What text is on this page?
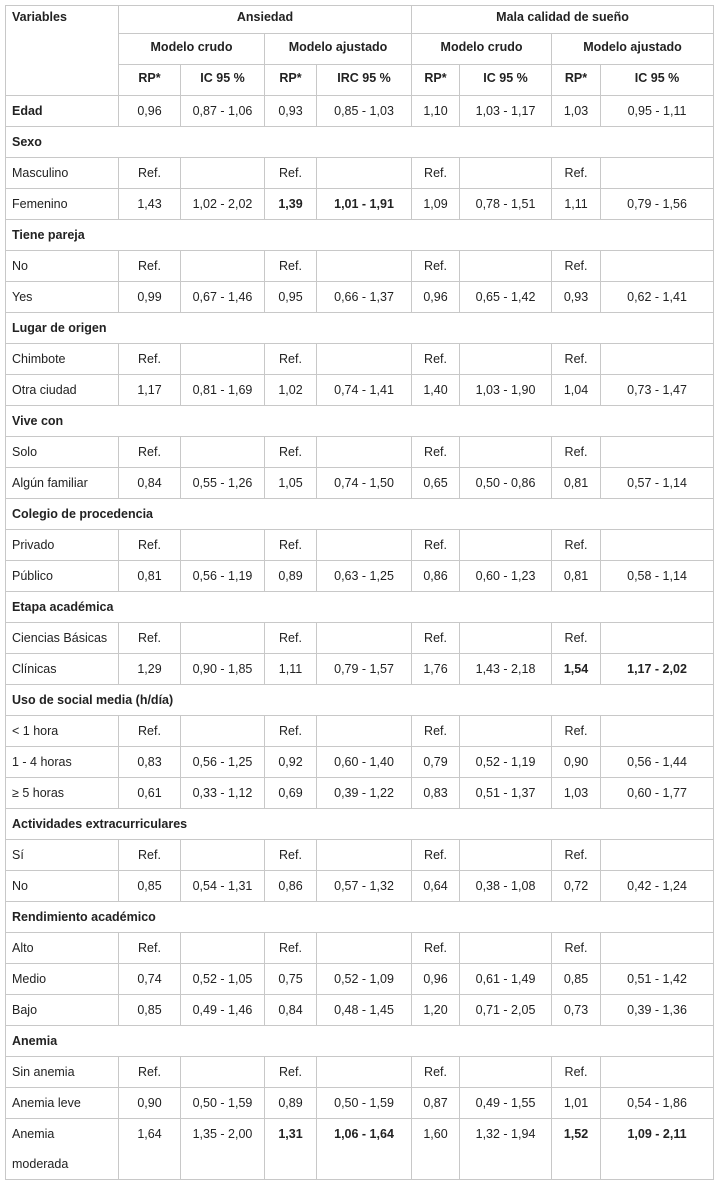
Variables	Ansiedad				Mala calidad de sueño			
	Modelo crudo		Modelo ajustado		Modelo crudo		Modelo ajustado	
	RP*	IC 95 %	RP*	IRC 95 %	RP*	IC 95 %	RP*	IC 95 %
Edad	0,96	0,87 - 1,06	0,93	0,85 - 1,03	1,10	1,03 - 1,17	1,03	0,95 - 1,11
Sexo								
Masculino	Ref.		Ref.		Ref.		Ref.	
Femenino	1,43	1,02 - 2,02	1,39	1,01 - 1,91	1,09	0,78 - 1,51	1,11	0,79 - 1,56
Tiene pareja								
No	Ref.		Ref.		Ref.		Ref.	
Yes	0,99	0,67 - 1,46	0,95	0,66 - 1,37	0,96	0,65 - 1,42	0,93	0,62 - 1,41
Lugar de origen								
Chimbote	Ref.		Ref.		Ref.		Ref.	
Otra ciudad	1,17	0,81 - 1,69	1,02	0,74 - 1,41	1,40	1,03 - 1,90	1,04	0,73 - 1,47
Vive con								
Solo	Ref.		Ref.		Ref.		Ref.	
Algún familiar	0,84	0,55 - 1,26	1,05	0,74 - 1,50	0,65	0,50 - 0,86	0,81	0,57 - 1,14
Colegio de procedencia								
Privado	Ref.		Ref.		Ref.		Ref.	
Público	0,81	0,56 - 1,19	0,89	0,63 - 1,25	0,86	0,60 - 1,23	0,81	0,58 - 1,14
Etapa académica								
Ciencias Básicas	Ref.		Ref.		Ref.		Ref.	
Clínicas	1,29	0,90 - 1,85	1,11	0,79 - 1,57	1,76	1,43 - 2,18	1,54	1,17 - 2,02
Uso de social media (h/día)								
< 1 hora	Ref.		Ref.		Ref.		Ref.	
1 - 4 horas	0,83	0,56 - 1,25	0,92	0,60 - 1,40	0,79	0,52 - 1,19	0,90	0,56 - 1,44
≥ 5 horas	0,61	0,33 - 1,12	0,69	0,39 - 1,22	0,83	0,51 - 1,37	1,03	0,60 - 1,77
Actividades extracurriculares								
Sí	Ref.		Ref.		Ref.		Ref.	
No	0,85	0,54 - 1,31	0,86	0,57 - 1,32	0,64	0,38 - 1,08	0,72	0,42 - 1,24
Rendimiento académico								
Alto	Ref.		Ref.		Ref.		Ref.	
Medio	0,74	0,52 - 1,05	0,75	0,52 - 1,09	0,96	0,61 - 1,49	0,85	0,51 - 1,42
Bajo	0,85	0,49 - 1,46	0,84	0,48 - 1,45	1,20	0,71 - 2,05	0,73	0,39 - 1,36
Anemia								
Sin anemia	Ref.		Ref.		Ref.		Ref.	
Anemia leve	0,90	0,50 - 1,59	0,89	0,50 - 1,59	0,87	0,49 - 1,55	1,01	0,54 - 1,86
Anemia moderada	1,64	1,35 - 2,00	1,31	1,06 - 1,64	1,60	1,32 - 1,94	1,52	1,09 - 2,11
